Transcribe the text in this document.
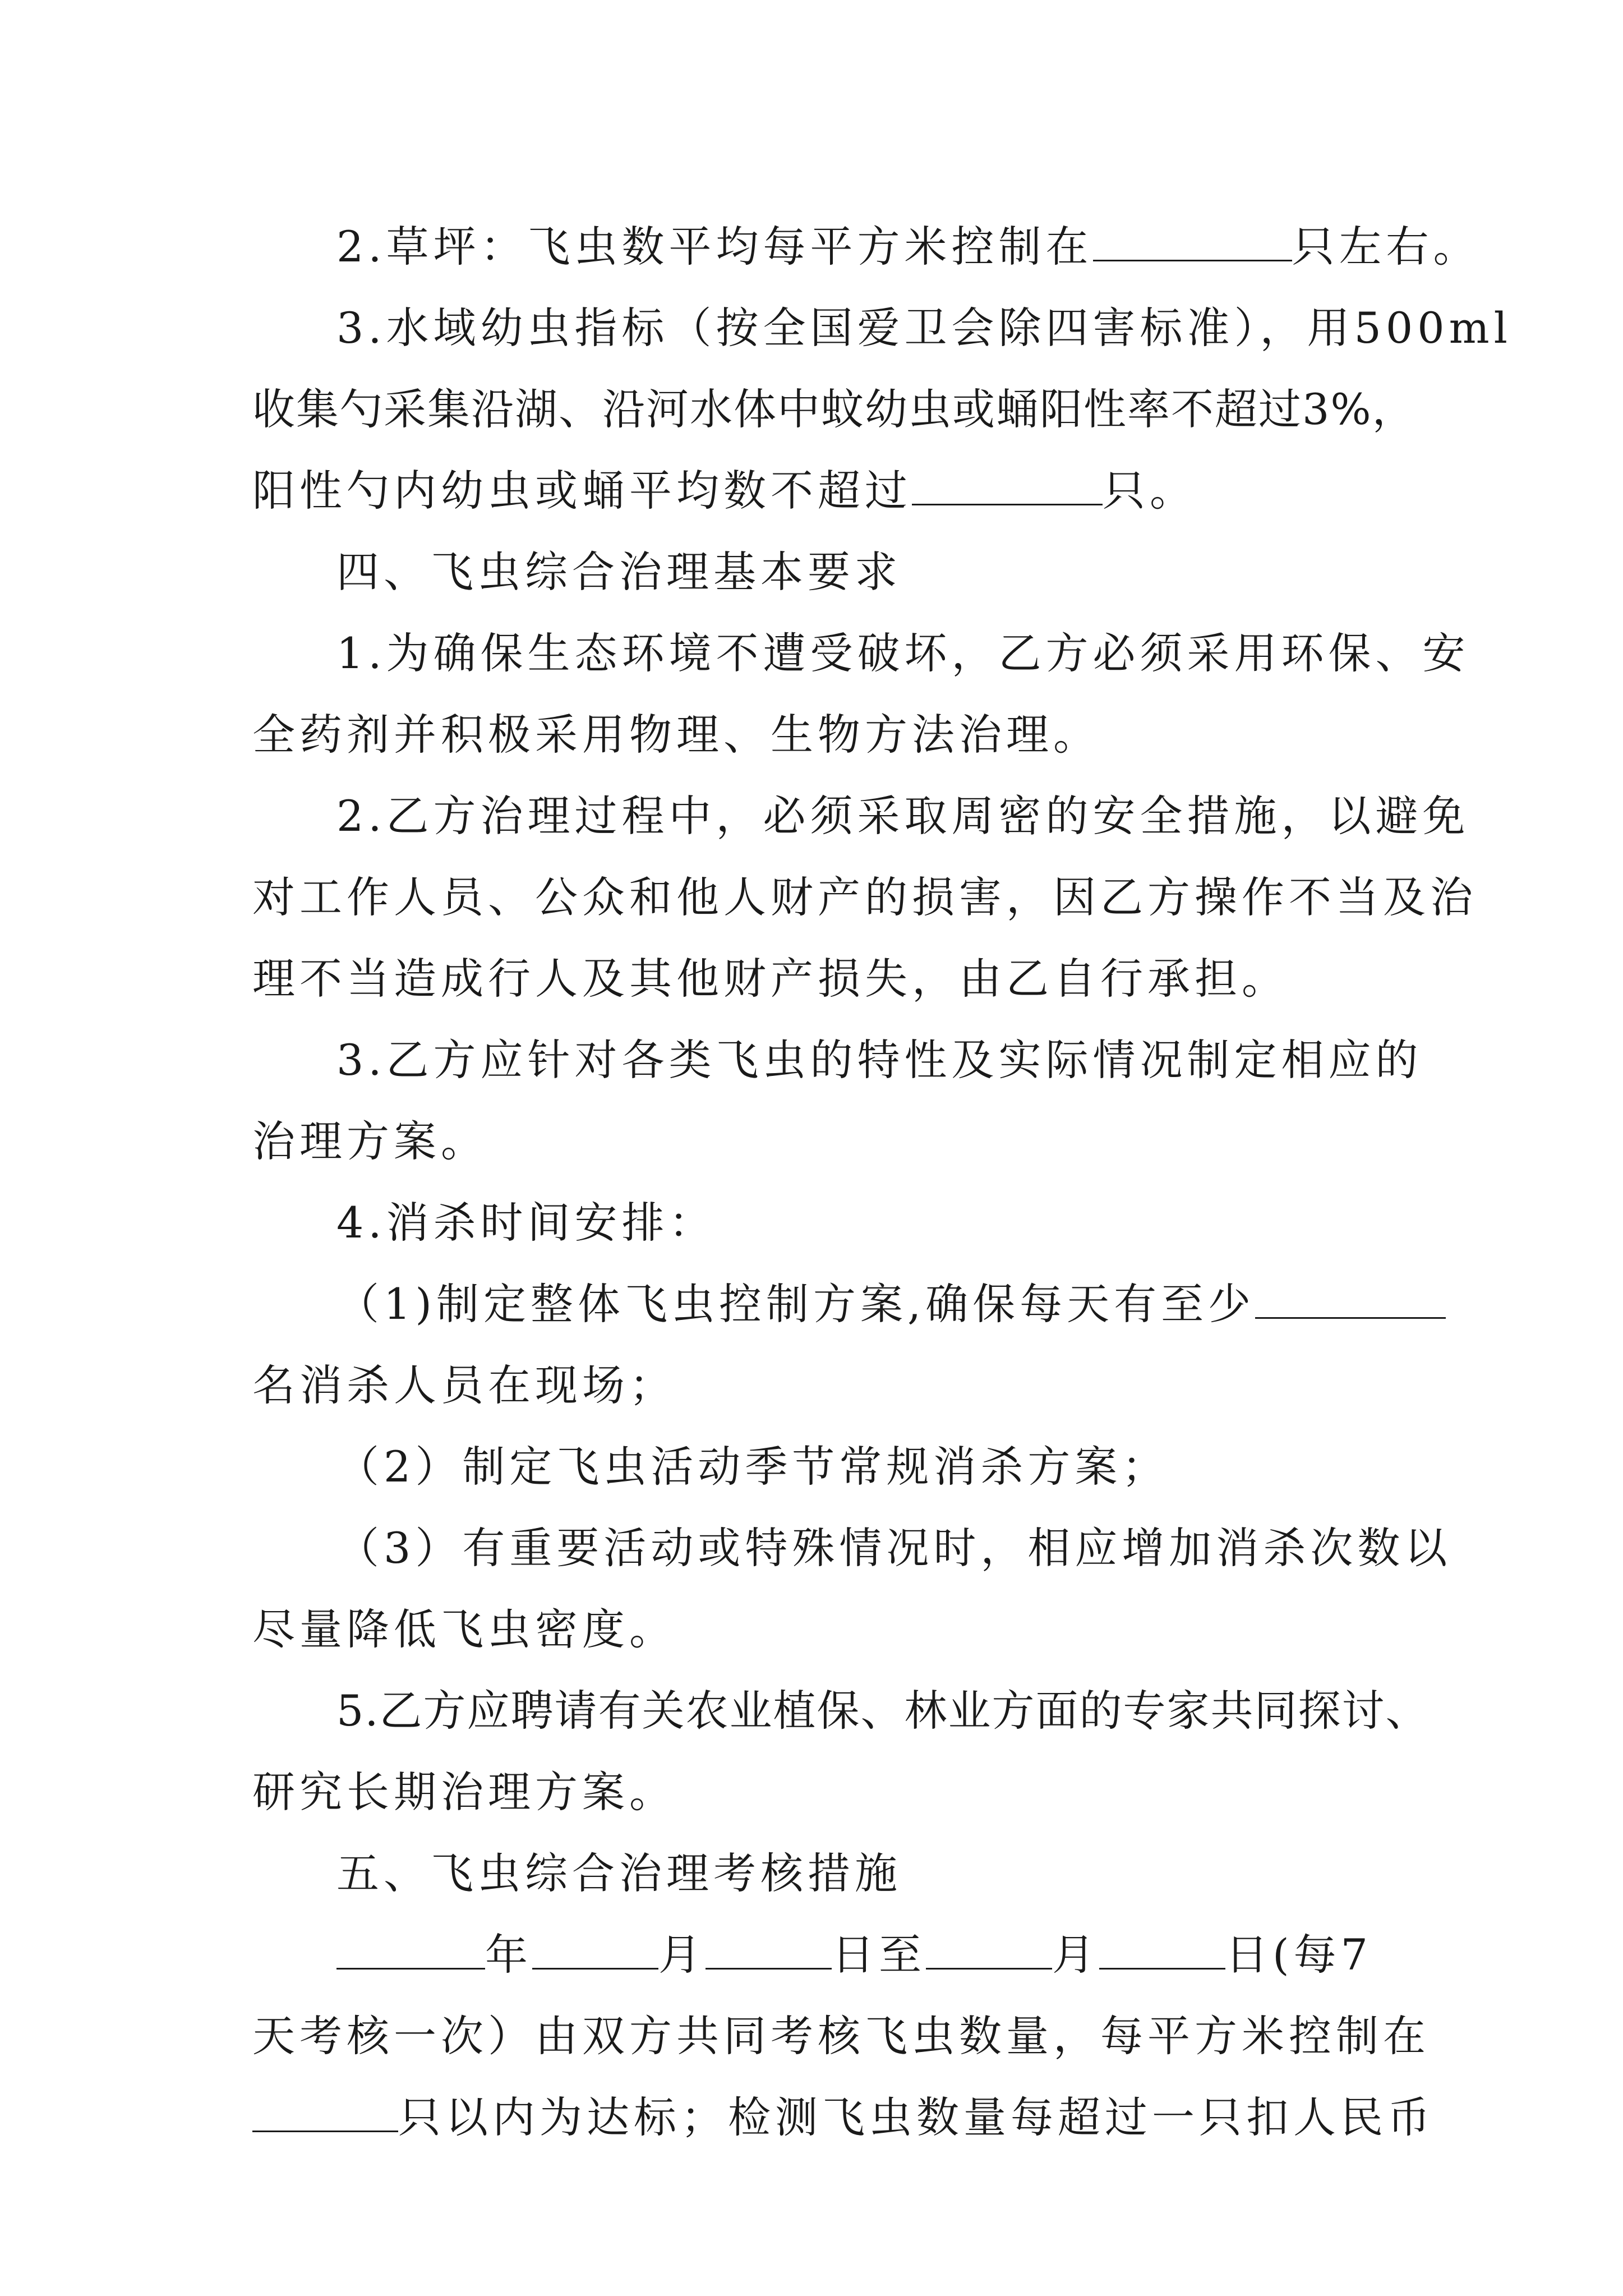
2.草坪：飞虫数平均每平方米控制在	只左右。
3.水域幼虫指标（按全国爱卫会除四害标准），用500ml
收集勺采集沿湖、沿河水体中蚊幼虫或蛹阳性率不超过3%，
阳性勺内幼虫或蛹平均数不超过	只。
四、飞虫综合治理基本要求
1.为确保生态环境不遭受破坏，乙方必须采用环保、安
全药剂并积极采用物理、生物方法治理。
2.乙方治理过程中，必须采取周密的安全措施，以避免
对工作人员、公众和他人财产的损害，因乙方操作不当及治
理不当造成行人及其他财产损失，由乙自行承担。
3.乙方应针对各类飞虫的特性及实际情况制定相应的
治理方案。
4.消杀时间安排：
（1)制定整体飞虫控制方案,确保每天有至少
名消杀人员在现场；
（2）制定飞虫活动季节常规消杀方案；
（3）有重要活动或特殊情况时，相应增加消杀次数以
尽量降低飞虫密度。
5.乙方应聘请有关农业植保、林业方面的专家共同探讨、
研究长期治理方案。
五、飞虫综合治理考核措施
年	月	日至	月	日(每7
天考核一次）由双方共同考核飞虫数量，每平方米控制在
只以内为达标；检测飞虫数量每超过一只扣人民币
